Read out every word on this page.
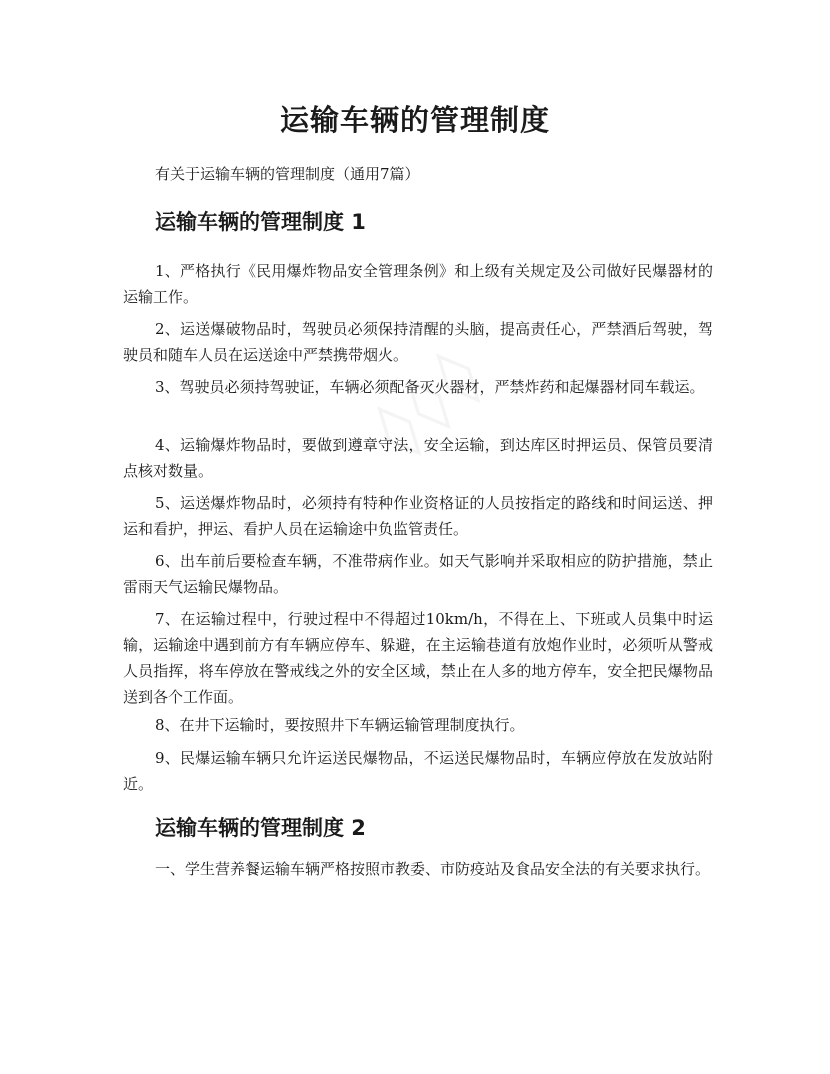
运输车辆的管理制度

有关于运输车辆的管理制度（通用7篇）

运输车辆的管理制度 1

1、严格执行《民用爆炸物品安全管理条例》和上级有关规定及公司做好民爆器材的运输工作。

2、运送爆破物品时，驾驶员必须保持清醒的头脑，提高责任心，严禁酒后驾驶，驾驶员和随车人员在运送途中严禁携带烟火。

3、驾驶员必须持驾驶证，车辆必须配备灭火器材，严禁炸药和起爆器材同车载运。

4、运输爆炸物品时，要做到遵章守法，安全运输，到达库区时押运员、保管员要清点核对数量。

5、运送爆炸物品时，必须持有特种作业资格证的人员按指定的路线和时间运送、押运和看护，押运、看护人员在运输途中负监管责任。

6、出车前后要检查车辆，不准带病作业。如天气影响并采取相应的防护措施，禁止雷雨天气运输民爆物品。

7、在运输过程中，行驶过程中不得超过10km/h，不得在上、下班或人员集中时运输，运输途中遇到前方有车辆应停车、躲避，在主运输巷道有放炮作业时，必须听从警戒人员指挥，将车停放在警戒线之外的安全区域，禁止在人多的地方停车，安全把民爆物品送到各个工作面。

8、在井下运输时，要按照井下车辆运输管理制度执行。

9、民爆运输车辆只允许运送民爆物品，不运送民爆物品时，车辆应停放在发放站附近。

运输车辆的管理制度 2

一、学生营养餐运输车辆严格按照市教委、市防疫站及食品安全法的有关要求执行。
